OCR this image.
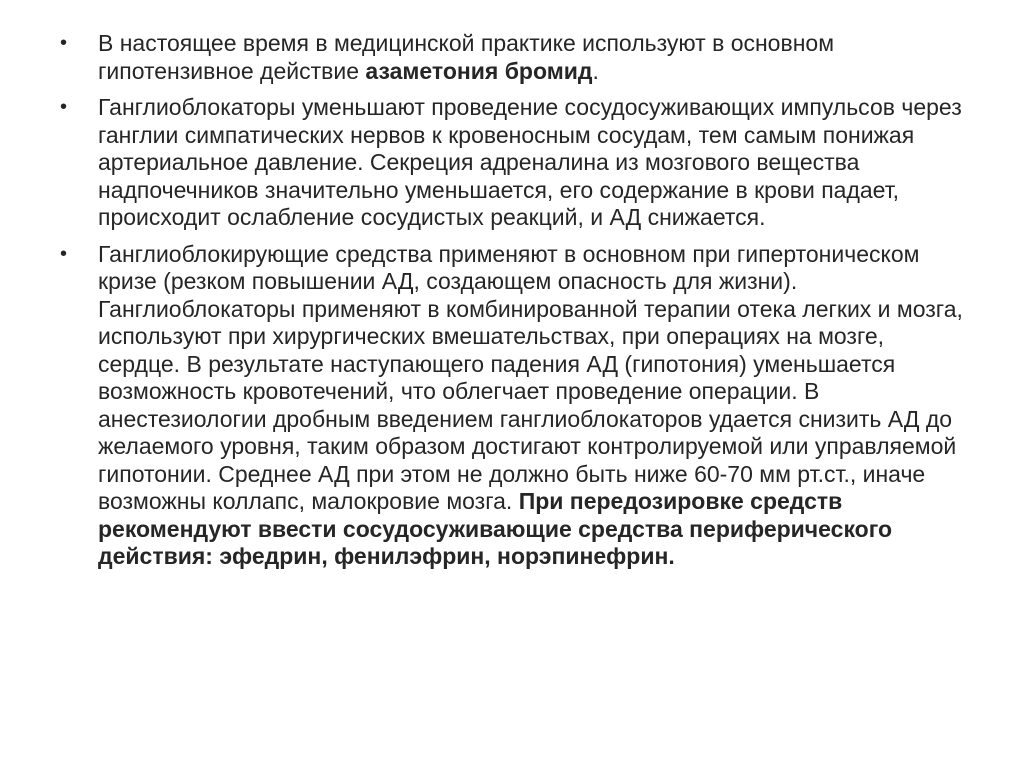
• В настоящее время в медицинской практике используют в основном гипотензивное действие азаметония бромид.
• Ганглиоблокаторы уменьшают проведение сосудосуживающих импульсов через ганглии симпатических нервов к кровеносным сосудам, тем самым понижая артериальное давление. Секреция адреналина из мозгового вещества надпочечников значительно уменьшается, его содержание в крови падает, происходит ослабление сосудистых реакций, и АД снижается.
• Ганглиоблокирующие средства применяют в основном при гипертоническом кризе (резком повышении АД, создающем опасность для жизни). Ганглиоблокаторы применяют в комбинированной терапии отека легких и мозга, используют при хирургических вмешательствах, при операциях на мозге, сердце. В результате наступающего падения АД (гипотония) уменьшается возможность кровотечений, что облегчает проведение операции. В анестезиологии дробным введением ганглиоблокаторов удается снизить АД до желаемого уровня, таким образом достигают контролируемой или управляемой гипотонии. Среднее АД при этом не должно быть ниже 60-70 мм рт.ст., иначе возможны коллапс, малокровие мозга. При передозировке средств рекомендуют ввести сосудосуживающие средства периферического действия: эфедрин, фенилэфрин, норэпинефрин.
